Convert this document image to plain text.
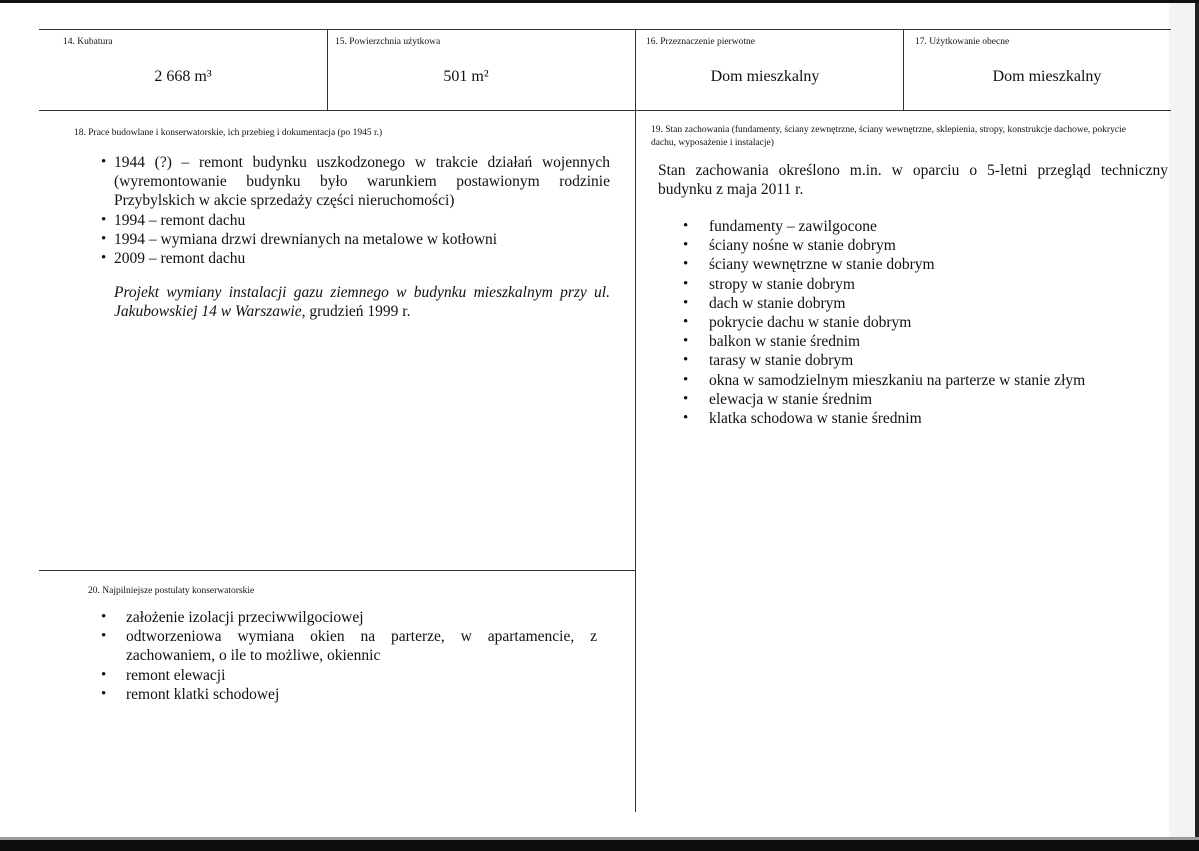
14. Kubatura
2 668 m³
15. Powierzchnia użytkowa
501 m²
16. Przeznaczenie pierwotne
Dom mieszkalny
17. Użytkowanie obecne
Dom mieszkalny
18. Prace budowlane i konserwatorskie, ich przebieg i dokumentacja (po 1945 r.)
• 1944 (?) – remont budynku uszkodzonego w trakcie działań wojennych (wyremontowanie budynku było warunkiem postawionym rodzinie Przybylskich w akcie sprzedaży części nieruchomości)
• 1994 – remont dachu
• 1994 – wymiana drzwi drewnianych na metalowe w kotłowni
• 2009 – remont dachu
Projekt wymiany instalacji gazu ziemnego w budynku mieszkalnym przy ul. Jakubowskiej 14 w Warszawie, grudzień 1999 r.
19. Stan zachowania (fundamenty, ściany zewnętrzne, ściany wewnętrzne, sklepienia, stropy, konstrukcje dachowe, pokrycie dachu, wyposażenie i instalacje)
Stan zachowania określono m.in. w oparciu o 5-letni przegląd techniczny budynku z maja 2011 r.
• fundamenty – zawilgocone
• ściany nośne w stanie dobrym
• ściany wewnętrzne w stanie dobrym
• stropy w stanie dobrym
• dach w stanie dobrym
• pokrycie dachu w stanie dobrym
• balkon w stanie średnim
• tarasy w stanie dobrym
• okna w samodzielnym mieszkaniu na parterze w stanie złym
• elewacja w stanie średnim
• klatka schodowa w stanie średnim
20. Najpilniejsze postulaty konserwatorskie
• założenie izolacji przeciwwilgociowej
• odtworzeniowa wymiana okien na parterze, w apartamencie, z zachowaniem, o ile to możliwe, okiennic
• remont elewacji
• remont klatki schodowej
